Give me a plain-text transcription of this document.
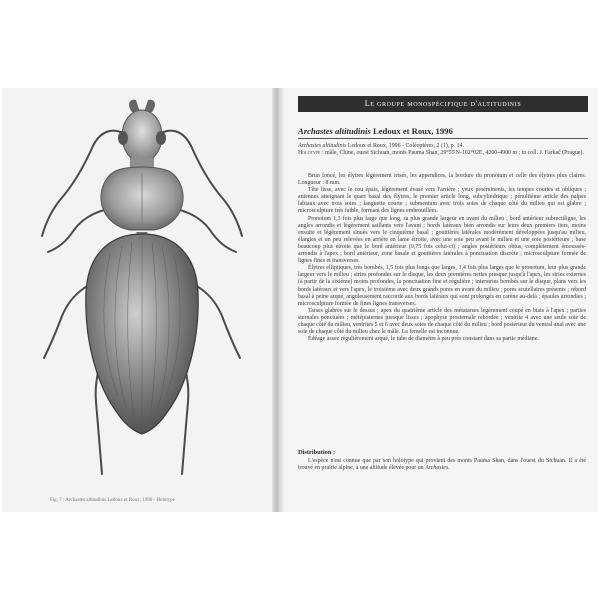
Fig. 7 : Archastes altitudinis Ledoux et Roux, 1996 - Holotype
Le groupe monospécifique d'altitudinis
Archastes altitudinis Ledoux et Roux, 1996

Archastes altitudinis Ledoux et Roux, 1996 - Coléoptères, 2 (1), p. 14.

Holotype : mâle, Chine, ouest Sichuan, monts Pauma Shan, 29°55'N-102°02E, 4200-4900 m ; in coll. J. Farkač (Prague).

Brun foncé, les élytres légèrement irisés, les appendices, la bordure du pronotum et celle des élytres plus claires. Longueur : 8 mm.

Tête lisse, avec le cou épais, légèrement évasé vers l'arrière ; yeux proéminents, les tempes courtes et obliques ; antennes atteignant le quart basal des élytres, le premier article long, subcylindrique ; pénultième article des palpes labiaux avec trois soies ; languette courte ; submentum avec trois soies de chaque côté du milieu qui est glabre ; microsculpture très faible, formant des lignes embrouillées.

Pronotum 1,3 fois plus large que long, sa plus grande largeur en avant du milieu ; bord antérieur subrectiligne, les angles arrondis et légèrement saillants vers l'avant ; bords latéraux bien arrondis sur leurs deux premiers tiers, moins ensuite et légèrement sinués vers le cinquième basal ; gouttières latérales modérément développées jusqu'au milieu, élargies et un peu relevées en arrière en lame étroite, avec une soie peu avant le milieu et une soie postérieure ; base beaucoup plus étroite que le bord antérieur (0,75 fois celui-ci) ; angles postérieurs obtus, complètement émoussés-arrondis à l'apex ; bord antérieur, zone basale et gouttières latérales à ponctuation discrète ; microsculpture formée de lignes fines et transverses.

Élytres elliptiques, très bombés, 1,5 fois plus longs que larges, 1,4 fois plus larges que le pronotum, leur plus grande largeur vers le milieu ; stries profondes sur le disque, les deux premières nettes presque jusqu'à l'apex, les stries externes (à partir de la sixième) moins profondes, la ponctuation fine et régulière ; interstries bombés sur le disque, plans vers les bords latéraux et vers l'apex, le troisième avec deux grands pores en avant du milieu ; pores scutellaires présents ; rebord basal à peine arqué, anguleusement raccordé aux bords latéraux qui sont prolongés en carène au-delà ; épaules arrondies ; microsculpture formée de fines lignes transverses.

Tarses glabres sur le dessus ; apex du quatrième article des métatarses légèrement coupé en biais à l'apex ; parties sternales ponctuées ; métépisternes presque lisses ; apophyse prosternale rebordée ; ventrite 4 avec une seule soie de chaque côté du milieu, ventrites 5 et 6 avec deux soies de chaque côté du milieu ; bord postérieur du ventral anal avec une soie de chaque côté du milieu chez le mâle. La femelle est inconnue.

Édéage assez régulièrement arqué, le tube de diamètre à peu près constant dans sa partie médiane.

Distribution :

L'espèce n'est connue que par son holotype qui provient des monts Pauma Shan, dans l'ouest du Sichuan. Il a été trouvé en prairie alpine, à une altitude élevée pour un Archastes.
